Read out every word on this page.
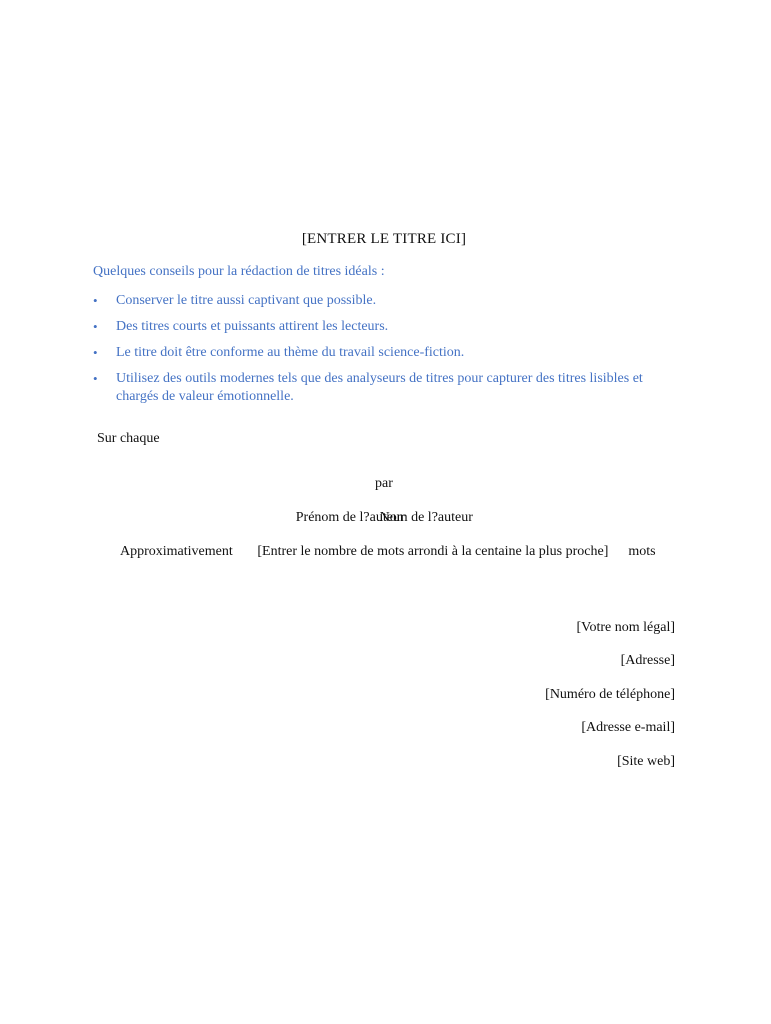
[ENTRER LE TITRE ICI]
Quelques conseils pour la rédaction de titres idéals :
•	Conserver le titre aussi captivant que possible.
•	Des titres courts et puissants attirent les lecteurs.
•	Le titre doit être conforme au thème du travail science-fiction.
•	Utilisez des outils modernes tels que des analyseurs de titres pour capturer des titres lisibles et chargés de valeur émotionnelle.
Sur chaque
par
Prénom de l?auteur Nom de l?auteur
Approximativement [Entrer le nombre de mots arrondi à la centaine la plus proche] mots
[Votre nom légal]
[Adresse]
[Numéro de téléphone]
[Adresse e-mail]
[Site web]
